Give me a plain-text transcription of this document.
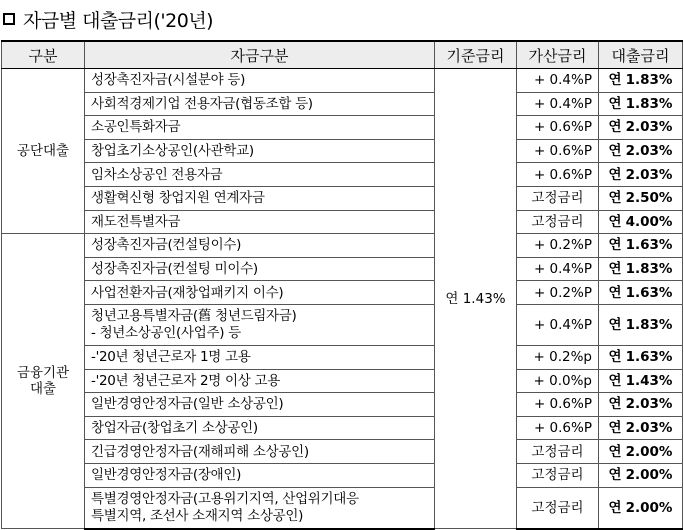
자금별 대출금리('20년)
구분	자금구분	기준금리	가산금리	대출금리
공단대출	성장촉진자금(시설분야 등)	연 1.43%	+ 0.4%P	연 1.83%
	사회적경제기업 전용자금(협동조합 등)		+ 0.4%P	연 1.83%
	소공인특화자금		+ 0.6%P	연 2.03%
	창업초기소상공인(사관학교)		+ 0.6%P	연 2.03%
	임차소상공인 전용자금		+ 0.6%P	연 2.03%
	생활혁신형 창업지원 연계자금		고정금리	연 2.50%
	재도전특별자금		고정금리	연 4.00%
금융기관
대출	성장촉진자금(컨설팅이수)		+ 0.2%P	연 1.63%
	성장촉진자금(컨설팅 미이수)		+ 0.4%P	연 1.83%
	사업전환자금(재창업패키지 이수)		+ 0.2%P	연 1.63%
	청년고용특별자금(舊 청년드림자금)
- 청년소상공인(사업주) 등		+ 0.4%P	연 1.83%
	-'20년 청년근로자 1명 고용		+ 0.2%p	연 1.63%
	-'20년 청년근로자 2명 이상 고용		+ 0.0%p	연 1.43%
	일반경영안정자금(일반 소상공인)		+ 0.6%P	연 2.03%
	창업자금(창업초기 소상공인)		+ 0.6%P	연 2.03%
	긴급경영안정자금(재해피해 소상공인)		고정금리	연 2.00%
	일반경영안정자금(장애인)		고정금리	연 2.00%
	특별경영안정자금(고용위기지역, 산업위기대응
특별지역, 조선사 소재지역 소상공인)		고정금리	연 2.00%
